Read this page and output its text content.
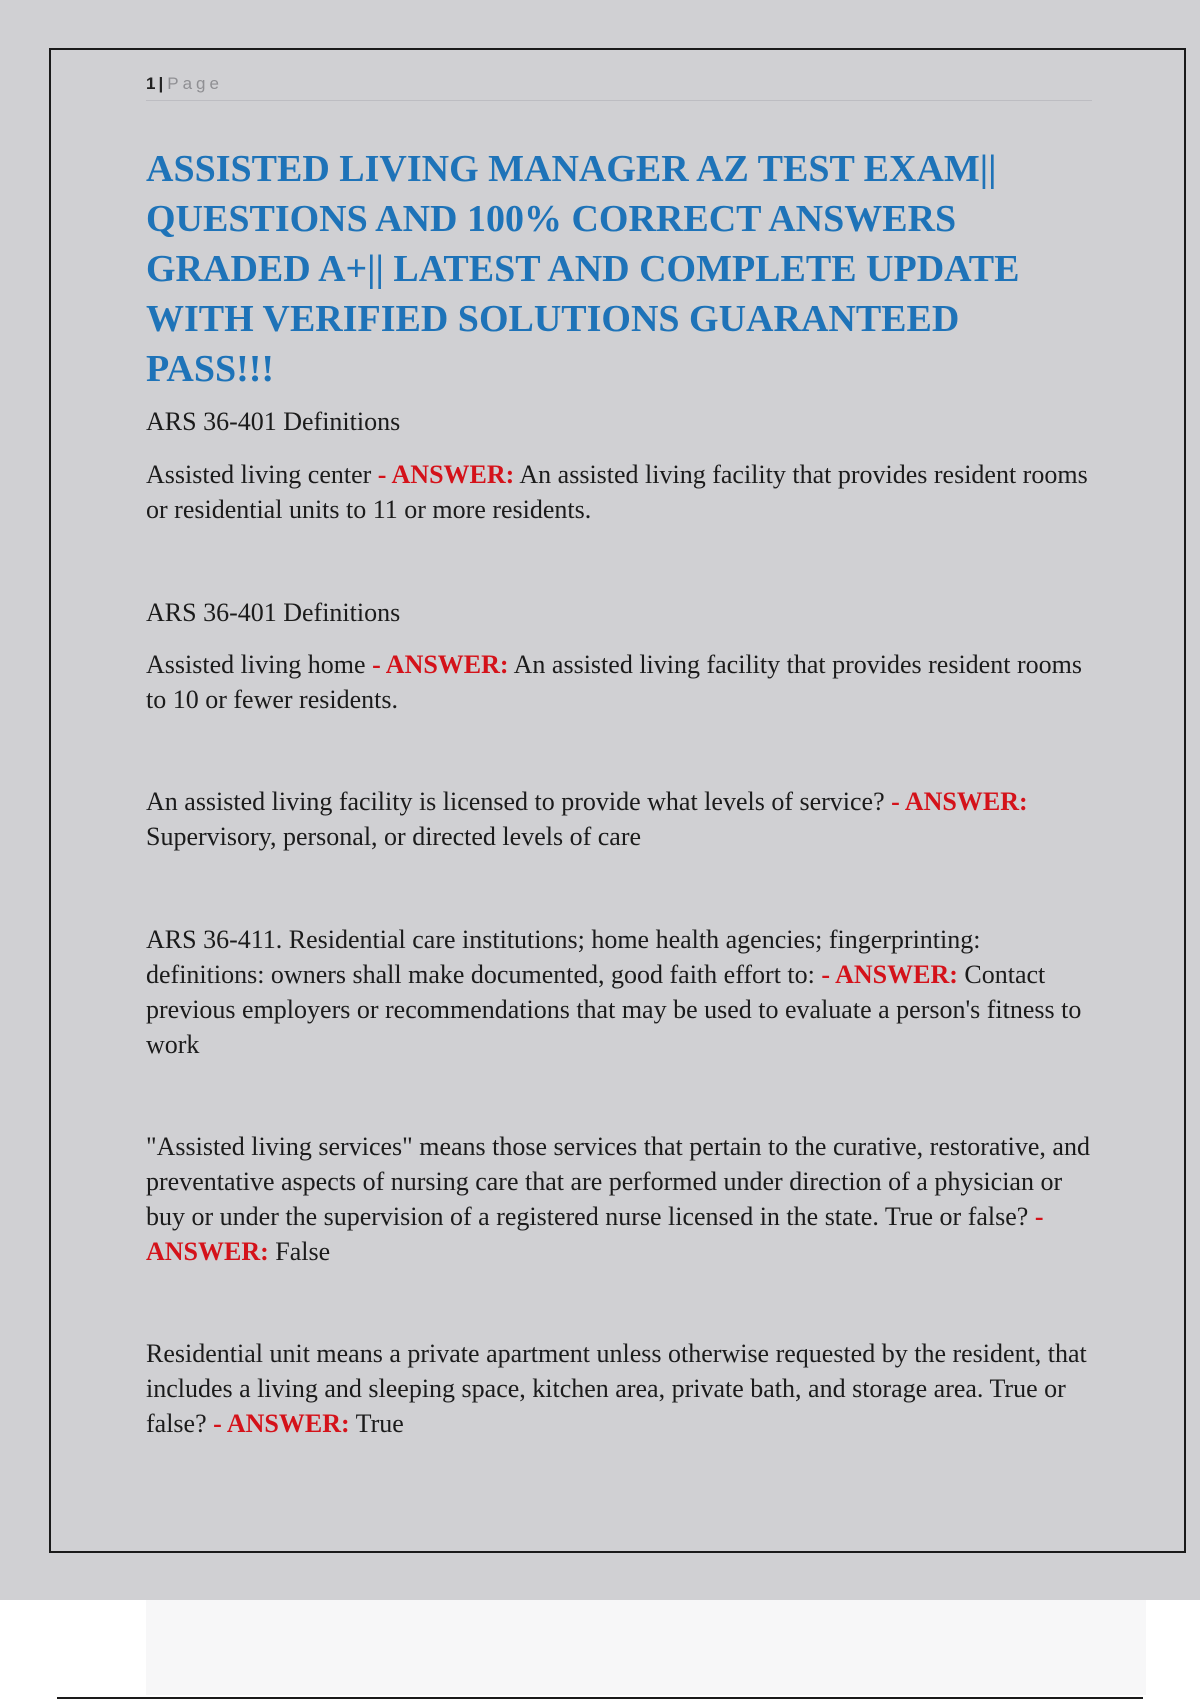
1 | Page
ASSISTED LIVING MANAGER AZ TEST EXAM|| QUESTIONS AND 100% CORRECT ANSWERS GRADED A+|| LATEST AND COMPLETE UPDATE WITH VERIFIED SOLUTIONS GUARANTEED PASS!!!

ARS 36-401 Definitions

Assisted living center - ANSWER: An assisted living facility that provides resident rooms or residential units to 11 or more residents.

ARS 36-401 Definitions

Assisted living home - ANSWER: An assisted living facility that provides resident rooms to 10 or fewer residents.

An assisted living facility is licensed to provide what levels of service? - ANSWER: Supervisory, personal, or directed levels of care

ARS 36-411. Residential care institutions; home health agencies; fingerprinting: definitions: owners shall make documented, good faith effort to: - ANSWER: Contact previous employers or recommendations that may be used to evaluate a person's fitness to work

"Assisted living services" means those services that pertain to the curative, restorative, and preventative aspects of nursing care that are performed under direction of a physician or buy or under the supervision of a registered nurse licensed in the state. True or false? - ANSWER: False

Residential unit means a private apartment unless otherwise requested by the resident, that includes a living and sleeping space, kitchen area, private bath, and storage area. True or false? - ANSWER: True
